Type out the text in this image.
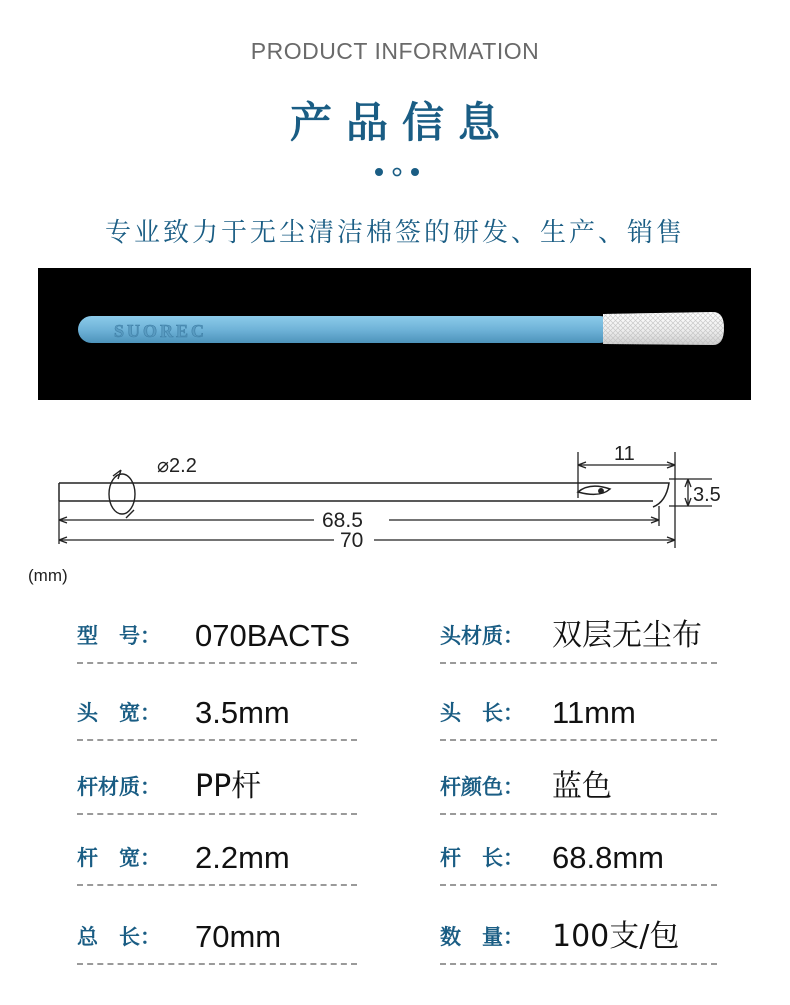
PRODUCT INFORMATION
产品信息
专业致力于无尘清洁棉签的研发、生产、销售
SUOREC
⌀2.2
11
3.5
68.5
70
(mm)
型　号： 070BACTS
头　宽： 3.5mm
杆材质： PP杆
杆　宽： 2.2mm
总　长： 70mm
头材质： 双层无尘布
头　长： 11mm
杆颜色： 蓝色
杆　长： 68.8mm
数　量： 100支/包
